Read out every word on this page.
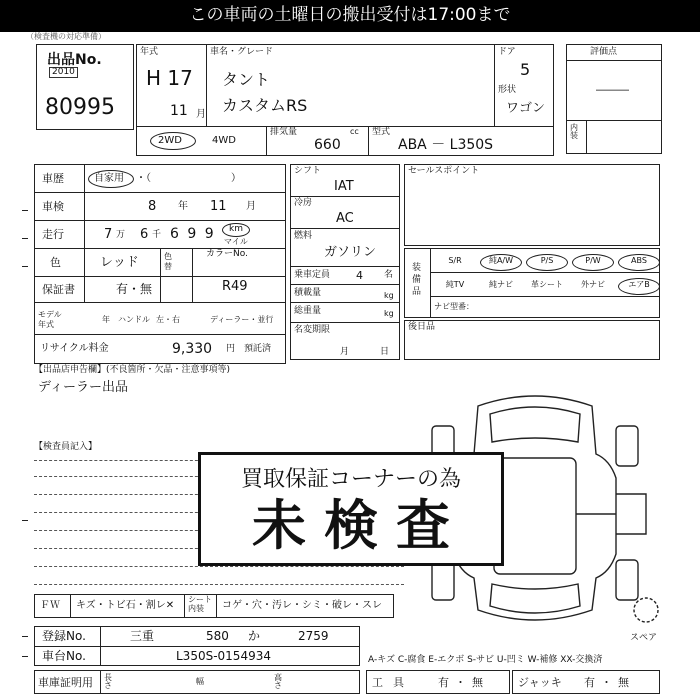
この車両の土曜日の搬出受付は17:00まで
（検査機の対応準備）
出品No.
2010
80995
年式
H 17
11 月
車名・グレード
タント
カスタムRS
ドア
5
形状
ワゴン
2WD	4WD
排気量	cc
660
型式
ABA － L350S
評価点
―――
内装
車歴	自家用 ・（　　　　　　　　）
車検	8 年 11 月
走行	7 万 6 千 6 9 9 km
マイル
色	レッド	色替
カラーNo.
R49
保証書	有・無
モデル
年式
年 ハンドル 左・右	ディーラー・並行
リサイクル料金	9,330 円 預託済
シフト
IAT
冷房
AC
燃料
ガソリン
乗車定員 4 名
積載量	kg
総重量	kg
名変期限
月	日
セールスポイント
装備品
S/R	純A/W	P/S	P/W	ABS
純TV	純ナビ	革シート	外ナビ	エアB
ナビ型番：
後日品
【出品店申告欄】(不良箇所・欠品・注意事項等)
ディーラー出品
【検査員記入】
スペア
買取保証コーナーの為
未検査
ＦＷ キズ・トビ石・割レ✕
シート内装	コゲ・穴・汚レ・シミ・破レ・スレ
登録No.	三重	580 か	2759
車台No.	L350S-0154934	A-キズ C-腐食 E-エクボ S-サビ U-凹ミ W-補修 XX-交換済
車庫証明用 長さ	幅	高さ	工具 有・無	ジャッキ 有・無
